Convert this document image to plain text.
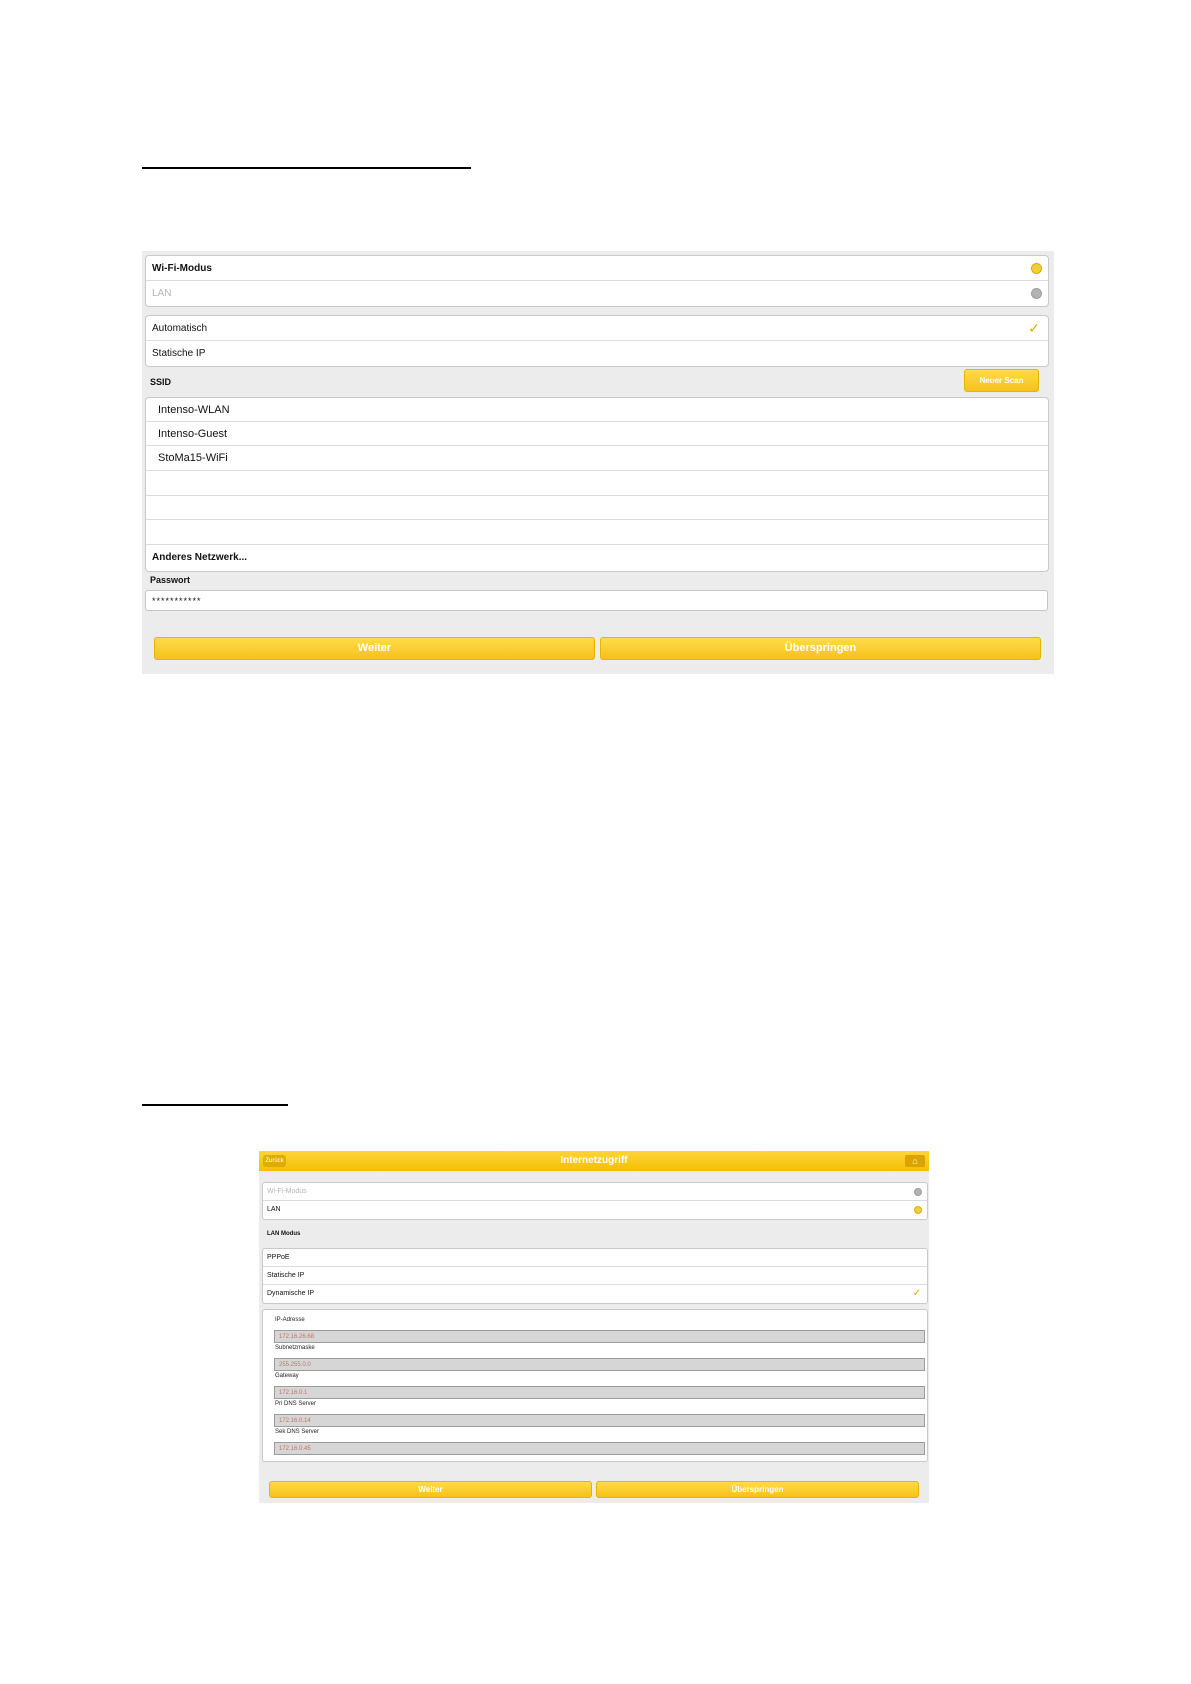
Wi-Fi-Modus
LAN
Automatisch	✓
Statische IP
SSID	Neuer Scan
Intenso-WLAN
Intenso-Guest
StoMa15-WiFi
Anderes Netzwerk...
Passwort
***********
Weiter	Überspringen
Zurück	Internetzugriff	⌂
Wi-Fi-Modus
LAN
LAN Modus
PPPoE
Statische IP
Dynamische IP	✓
IP-Adresse
172.16.26.68
Subnetzmaske
255.255.0.0
Gateway
172.16.0.1
Pri DNS Server
172.16.0.14
Sek DNS Server
172.16.0.45
Weiter	Überspringen
